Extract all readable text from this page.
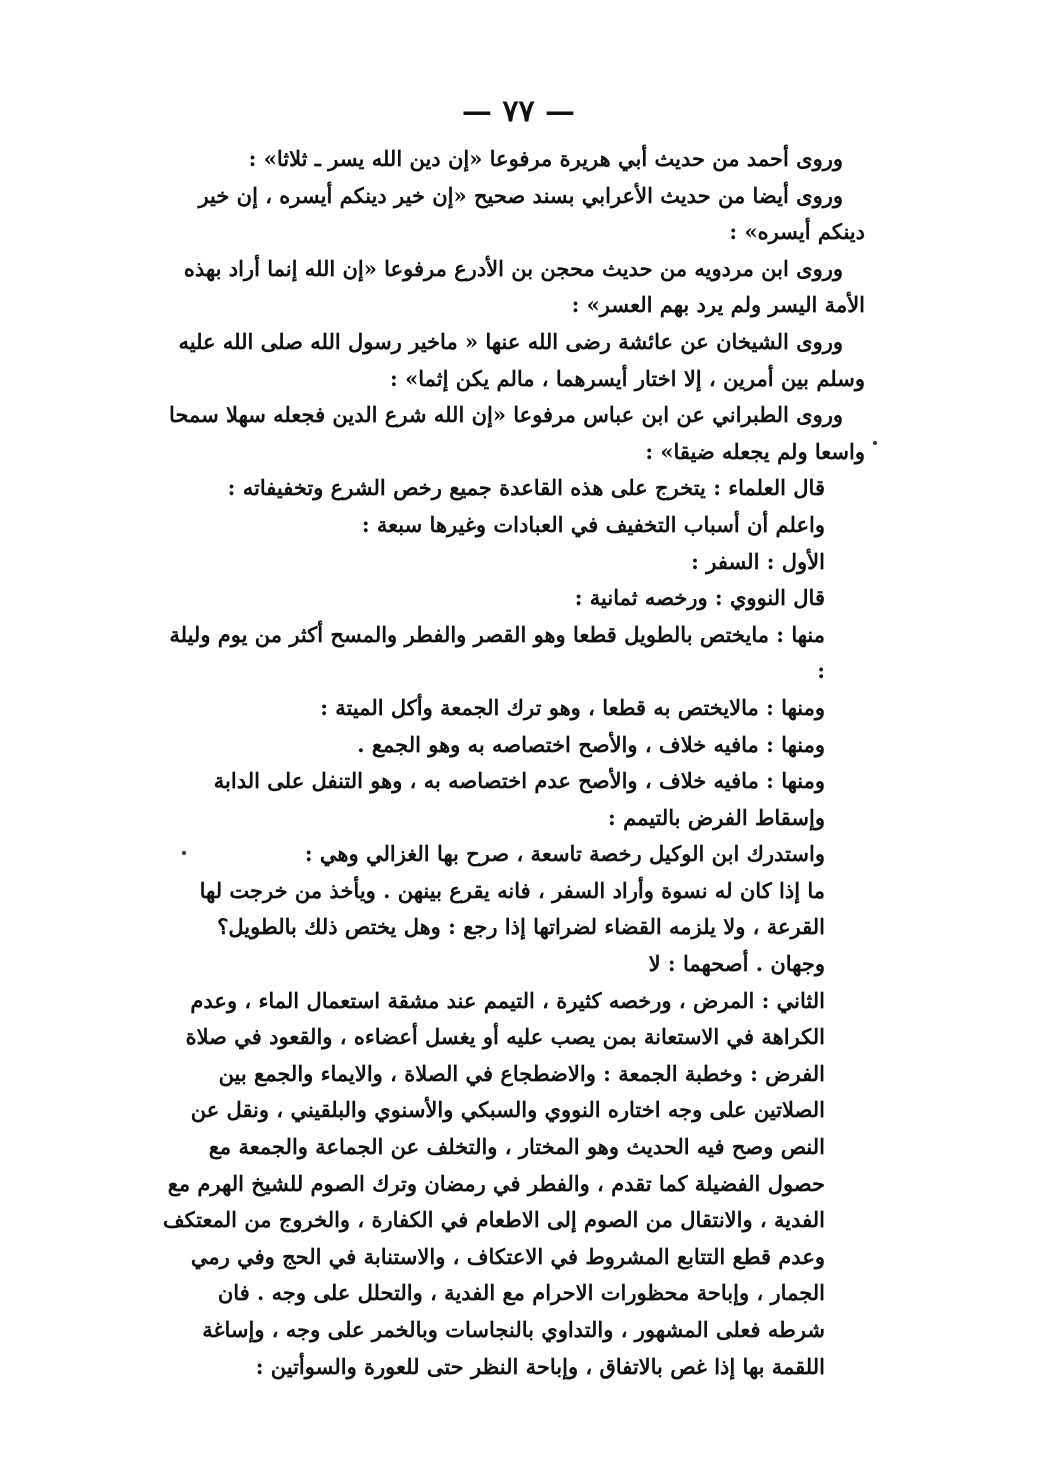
— ٧٧ —

وروى أحمد من حديث أبي هريرة مرفوعا «إن دين الله يسر ـ ثلاثا» :

وروى أيضا من حديث الأعرابي بسند صحيح «إن خير دينكم أيسره ، إن خير دينكم أيسره» :

وروى ابن مردويه من حديث محجن بن الأدرع مرفوعا «إن الله إنما أراد بهذه الأمة اليسر ولم يرد بهم العسر» :

وروى الشيخان عن عائشة رضى الله عنها « ماخير رسول الله صلى الله عليه وسلم بين أمرين ، إلا اختار أيسرهما ، مالم يكن إثما» :

وروى الطبراني عن ابن عباس مرفوعا «إن الله شرع الدين فجعله سهلا سمحا واسعا ولم يجعله ضيقا» :

قال العلماء : يتخرج على هذه القاعدة جميع رخص الشرع وتخفيفاته :

واعلم أن أسباب التخفيف في العبادات وغيرها سبعة :

الأول : السفر :

قال النووي : ورخصه ثمانية :

منها : مايختص بالطويل قطعا وهو القصر والفطر والمسح أكثر من يوم وليلة :

ومنها : مالايختص به قطعا ، وهو ترك الجمعة وأكل الميتة :

ومنها : مافيه خلاف ، والأصح اختصاصه به وهو الجمع .

ومنها : مافيه خلاف ، والأصح عدم اختصاصه به ، وهو التنفل على الدابة وإسقاط الفرض بالتيمم :

واستدرك ابن الوكيل رخصة تاسعة ، صرح بها الغزالي وهي :

ما إذا كان له نسوة وأراد السفر ، فانه يقرع بينهن . ويأخذ من خرجت لها القرعة ، ولا يلزمه القضاء لضراتها إذا رجع : وهل يختص ذلك بالطويل؟ وجهان . أصحهما : لا

الثاني : المرض ، ورخصه كثيرة ، التيمم عند مشقة استعمال الماء ، وعدم الكراهة في الاستعانة بمن يصب عليه أو يغسل أعضاءه ، والقعود في صلاة الفرض : وخطبة الجمعة : والاضطجاع في الصلاة ، والايماء والجمع بين الصلاتين على وجه اختاره النووي والسبكي والأسنوي والبلقيني ، ونقل عن النص وصح فيه الحديث وهو المختار ، والتخلف عن الجماعة والجمعة مع حصول الفضيلة كما تقدم ، والفطر في رمضان وترك الصوم للشيخ الهرم مع الفدية ، والانتقال من الصوم إلى الاطعام في الكفارة ، والخروج من المعتكف وعدم قطع التتابع المشروط في الاعتكاف ، والاستنابة في الحج وفي رمي الجمار ، وإباحة محظورات الاحرام مع الفدية ، والتحلل على وجه . فان شرطه فعلى المشهور ، والتداوي بالنجاسات وبالخمر على وجه ، وإساغة اللقمة بها إذا غص بالاتفاق ، وإباحة النظر حتى للعورة والسوأتين :
